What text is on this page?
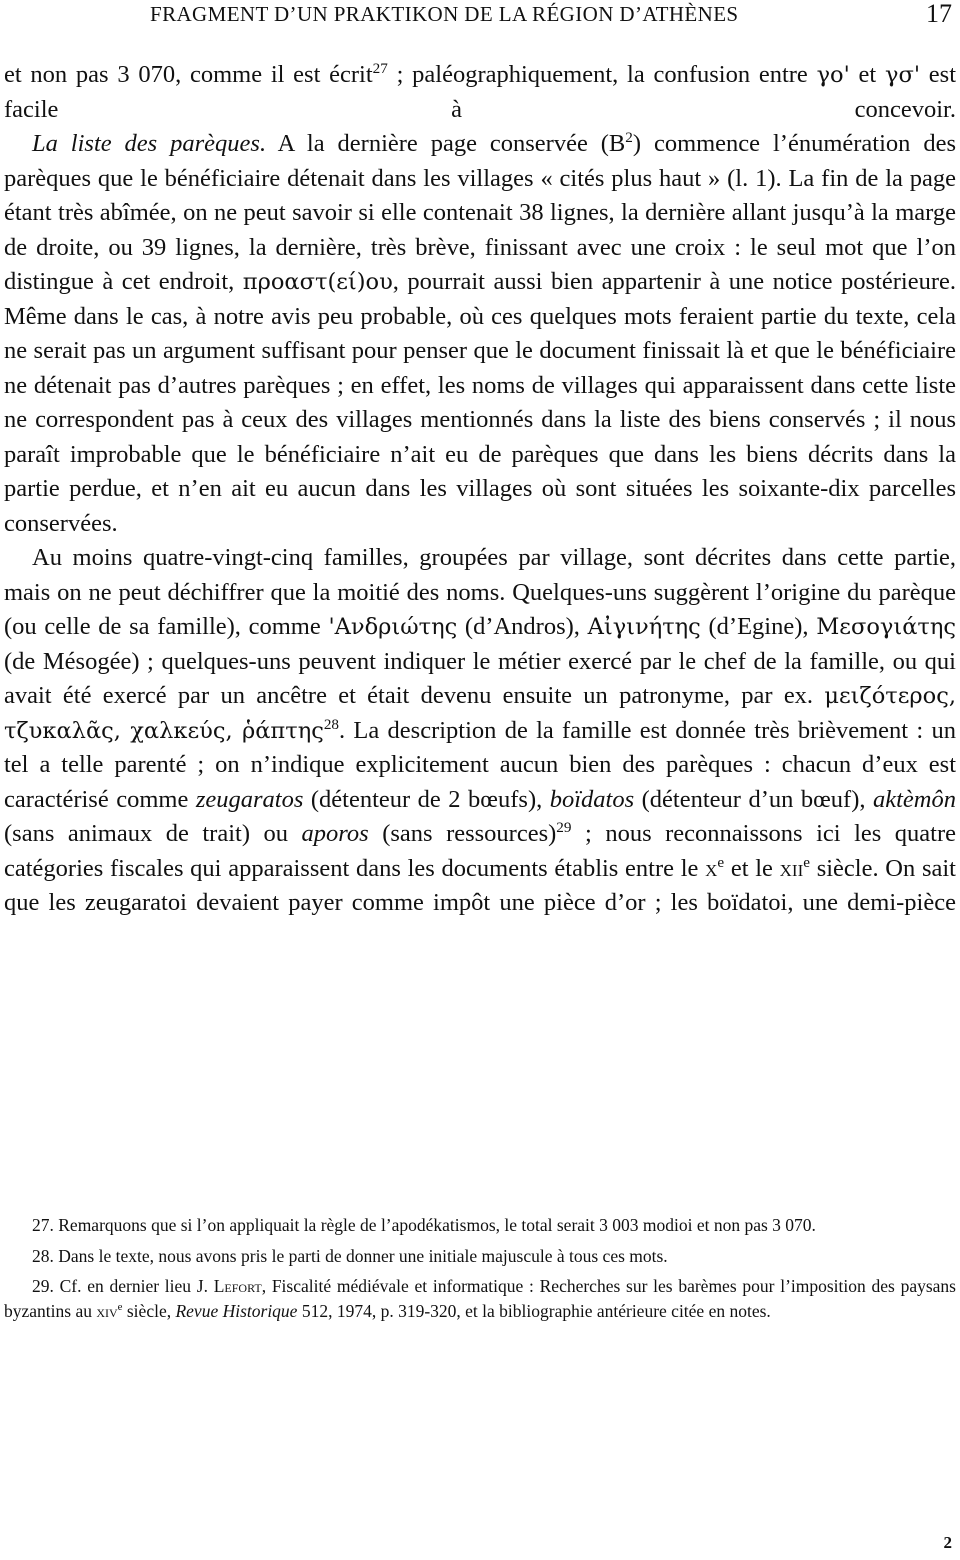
FRAGMENT D’UN PRAKTIKON DE LA RÉGION D’ATHÈNES	17

et non pas 3 070, comme il est écrit$^{27}$ ; paléographiquement, la confusion entre γο' et γσ' est facile à concevoir.

La liste des parèques. A la dernière page conservée $(B^2)$ commence l’énumération des parèques que le bénéficiaire détenait dans les villages « cités plus haut » (l. 1). La fin de la page étant très abîmée, on ne peut savoir si elle contenait 38 lignes, la dernière allant jusqu’à la marge de droite, ou 39 lignes, la dernière, très brève, finissant avec une croix : le seul mot que l’on distingue à cet endroit, προαστ(εί)ου, pourrait aussi bien appartenir à une notice postérieure. Même dans le cas, à notre avis peu probable, où ces quelques mots feraient partie du texte, cela ne serait pas un argument suffisant pour penser que le document finissait là et que le bénéficiaire ne détenait pas d’autres parèques ; en effet, les noms de villages qui apparaissent dans cette liste ne correspondent pas à ceux des villages mentionnés dans la liste des biens conservés ; il nous paraît improbable que le bénéficiaire n’ait eu de parèques que dans les biens décrits dans la partie perdue, et n’en ait eu aucun dans les villages où sont situées les soixante-dix parcelles conservées.

Au moins quatre-vingt-cinq familles, groupées par village, sont décrites dans cette partie, mais on ne peut déchiffrer que la moitié des noms. Quelques-uns suggèrent l’origine du parèque (ou celle de sa famille), comme 'Ανδριώτης (d’Andros), Αἰγινήτης (d’Egine), Μεσογιάτης (de Mésogée) ; quelques-uns peuvent indiquer le métier exercé par le chef de la famille, ou qui avait été exercé par un ancêtre et était devenu ensuite un patronyme, par ex. μειζότερος, τζυκαλᾶς, χαλκεύς, ῥάπτης$^{28}$. La description de la famille est donnée très brièvement : un tel a telle parenté ; on n’indique explicitement aucun bien des parèques : chacun d’eux est caractérisé comme zeugaratos (détenteur de 2 bœufs), boïdatos (détenteur d’un bœuf), aktèmôn (sans animaux de trait) ou aporos (sans ressources)$^{29}$ ; nous reconnaissons ici les quatre catégories fiscales qui apparaissent dans les documents établis entre le $x^e$ et le xii$^e$ siècle. On sait que les zeugaratoi devaient payer comme impôt une pièce d’or ; les boïdatoi, une demi-pièce

27. Remarquons que si l’on appliquait la règle de l’apodékatismos, le total serait 3 003 modioi et non pas 3 070.

28. Dans le texte, nous avons pris le parti de donner une initiale majuscule à tous ces mots.

29. Cf. en dernier lieu J. Lefort, Fiscalité médiévale et informatique : Recherches sur les barèmes pour l’imposition des paysans byzantins au xiv$^e$ siècle, Revue Historique 512, 1974, p. 319-320, et la bibliographie antérieure citée en notes.

2
